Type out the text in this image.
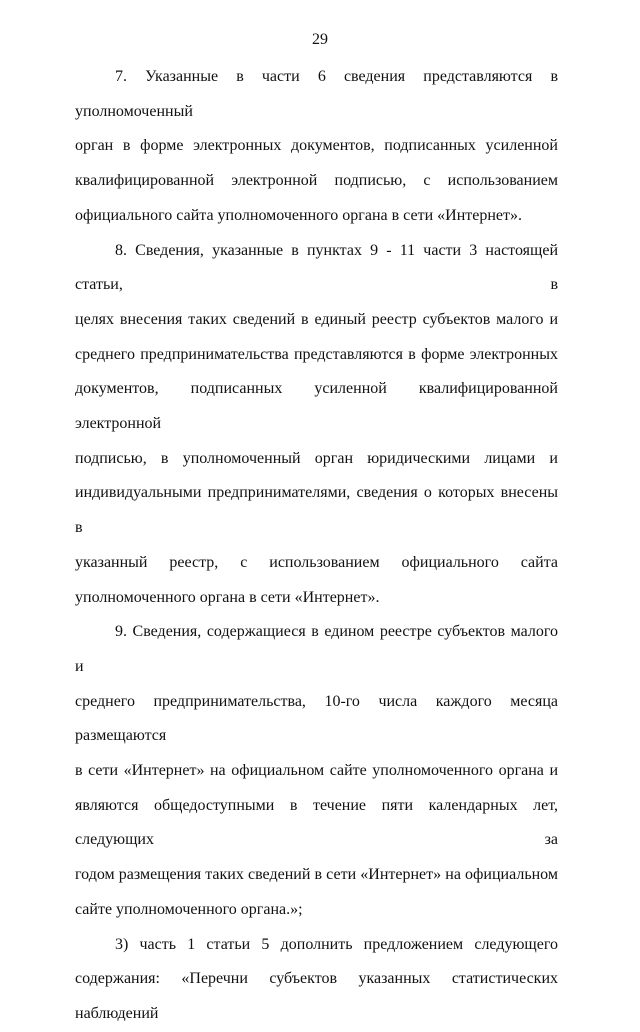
29

7. Указанные в части 6 сведения представляются в уполномоченный
орган в форме электронных документов, подписанных усиленной
квалифицированной электронной подписью, с использованием
официального сайта уполномоченного органа в сети «Интернет».

8. Сведения, указанные в пунктах 9 - 11 части 3 настоящей статьи, в
целях внесения таких сведений в единый реестр субъектов малого и
среднего предпринимательства представляются в форме электронных
документов, подписанных усиленной квалифицированной электронной
подписью, в уполномоченный орган юридическими лицами и
индивидуальными предпринимателями, сведения о которых внесены в
указанный реестр, с использованием официального сайта
уполномоченного органа в сети «Интернет».

9. Сведения, содержащиеся в едином реестре субъектов малого и
среднего предпринимательства, 10-го числа каждого месяца размещаются
в сети «Интернет» на официальном сайте уполномоченного органа и
являются общедоступными в течение пяти календарных лет, следующих за
годом размещения таких сведений в сети «Интернет» на официальном
сайте уполномоченного органа.»;

3) часть 1 статьи 5 дополнить предложением следующего
содержания: «Перечни субъектов указанных статистических наблюдений
